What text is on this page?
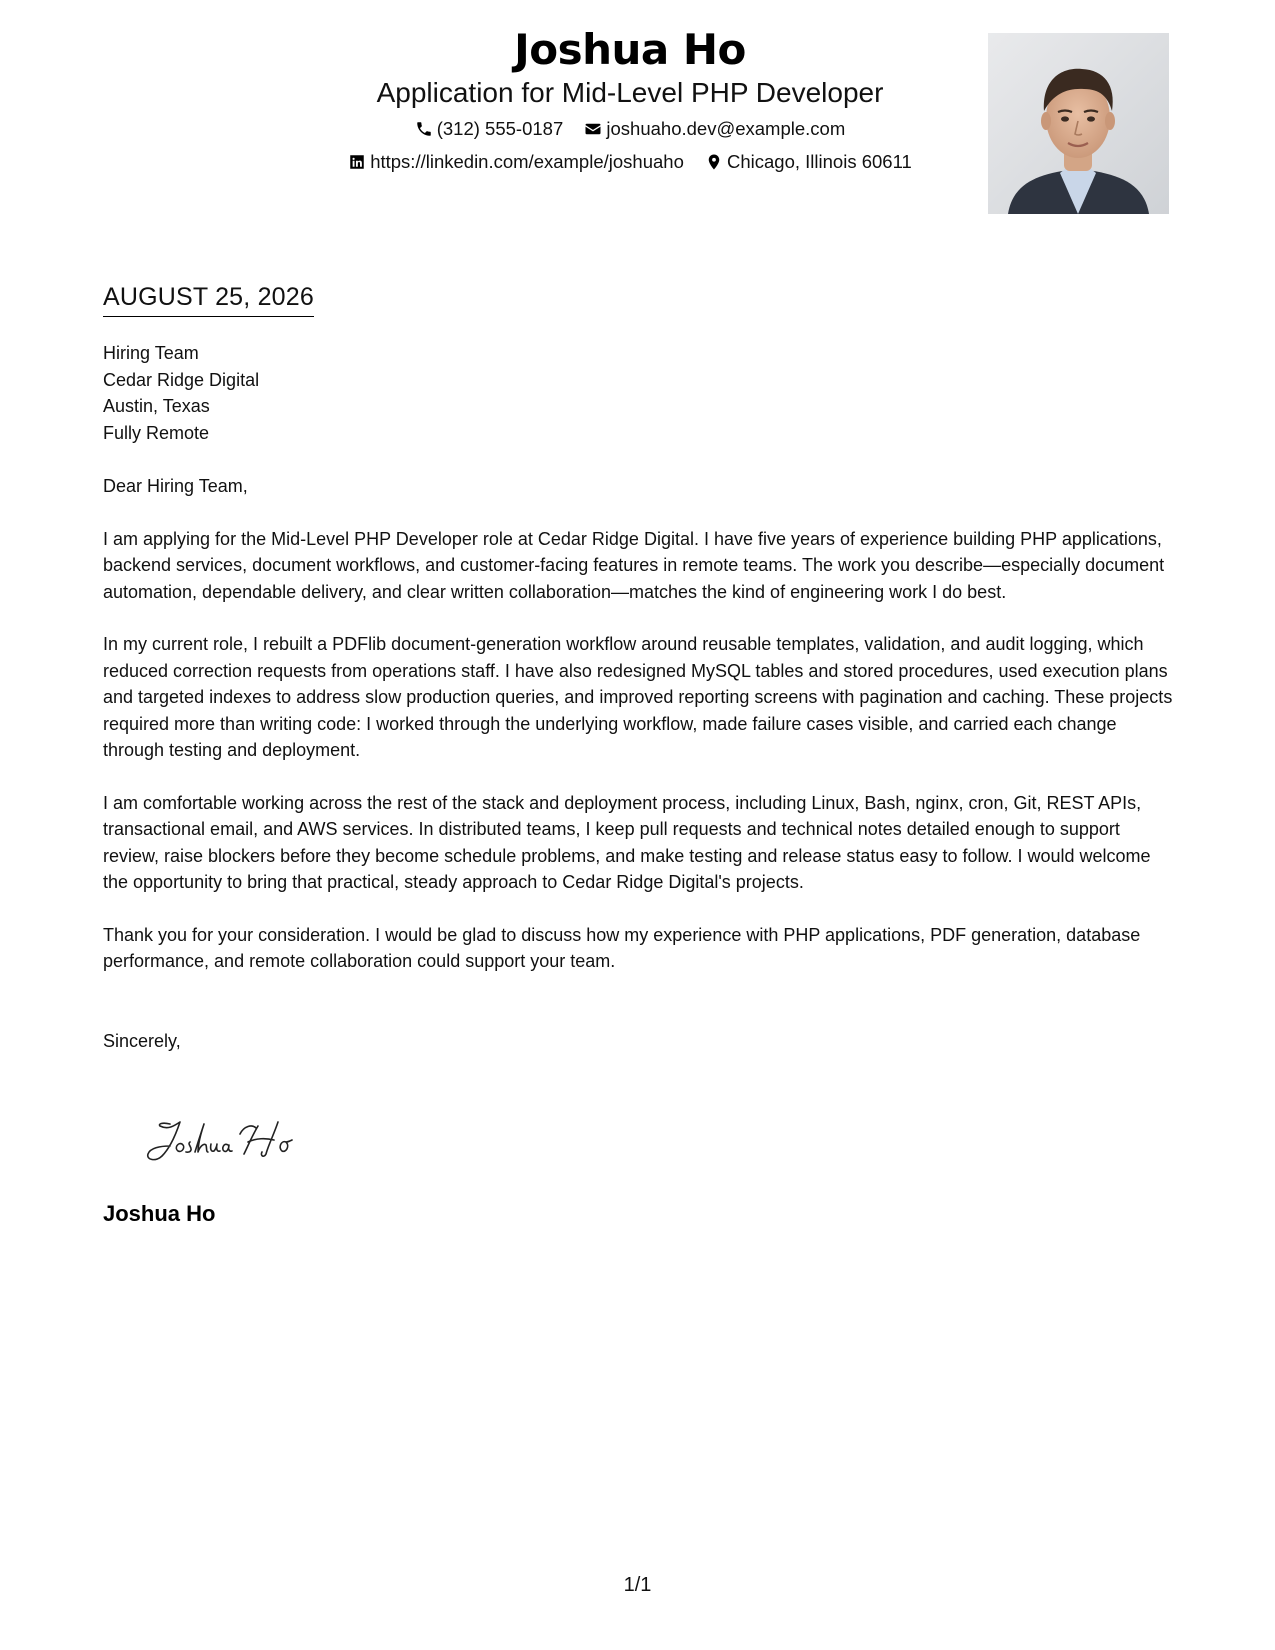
Joshua Ho
Application for Mid-Level PHP Developer
(312) 555-0187
joshuaho.dev@example.com
https://linkedin.com/example/joshuaho
Chicago, Illinois 60611
AUGUST 25, 2026
Hiring Team
Cedar Ridge Digital
Austin, Texas
Fully Remote
Dear Hiring Team,
I am applying for the Mid-Level PHP Developer role at Cedar Ridge Digital. I have five years of experience building PHP applications, backend services, document workflows, and customer-facing features in remote teams. The work you describe—especially document automation, dependable delivery, and clear written collaboration—matches the kind of engineering work I do best.
In my current role, I rebuilt a PDFlib document-generation workflow around reusable templates, validation, and audit logging, which reduced correction requests from operations staff. I have also redesigned MySQL tables and stored procedures, used execution plans and targeted indexes to address slow production queries, and improved reporting screens with pagination and caching. These projects required more than writing code: I worked through the underlying workflow, made failure cases visible, and carried each change through testing and deployment.
I am comfortable working across the rest of the stack and deployment process, including Linux, Bash, nginx, cron, Git, REST APIs, transactional email, and AWS services. In distributed teams, I keep pull requests and technical notes detailed enough to support review, raise blockers before they become schedule problems, and make testing and release status easy to follow. I would welcome the opportunity to bring that practical, steady approach to Cedar Ridge Digital's projects.
Thank you for your consideration. I would be glad to discuss how my experience with PHP applications, PDF generation, database performance, and remote collaboration could support your team.
Sincerely,
Joshua Ho
1/1
